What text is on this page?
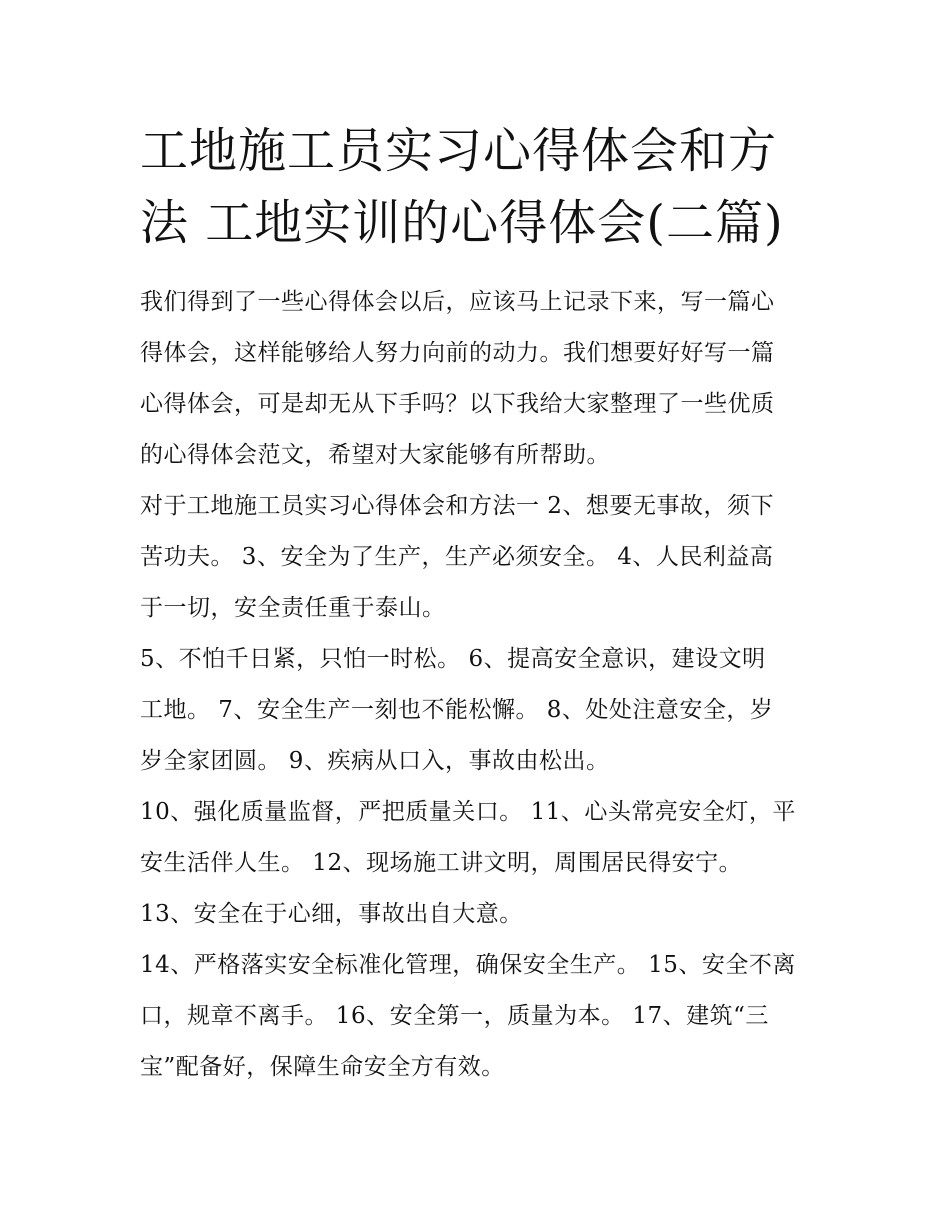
工地施工员实习心得体会和方
法 工地实训的心得体会(二篇)
我们得到了一些心得体会以后，应该马上记录下来，写一篇心
得体会，这样能够给人努力向前的动力。我们想要好好写一篇
心得体会，可是却无从下手吗？以下我给大家整理了一些优质
的心得体会范文，希望对大家能够有所帮助。
对于工地施工员实习心得体会和方法一 2、想要无事故，须下
苦功夫。 3、安全为了生产，生产必须安全。 4、人民利益高
于一切，安全责任重于泰山。
5、不怕千日紧，只怕一时松。 6、提高安全意识，建设文明
工地。 7、安全生产一刻也不能松懈。 8、处处注意安全，岁
岁全家团圆。 9、疾病从口入，事故由松出。
10、强化质量监督，严把质量关口。 11、心头常亮安全灯，平
安生活伴人生。 12、现场施工讲文明，周围居民得安宁。
13、安全在于心细，事故出自大意。
14、严格落实安全标准化管理，确保安全生产。 15、安全不离
口，规章不离手。 16、安全第一，质量为本。 17、建筑“三
宝”配备好，保障生命安全方有效。
